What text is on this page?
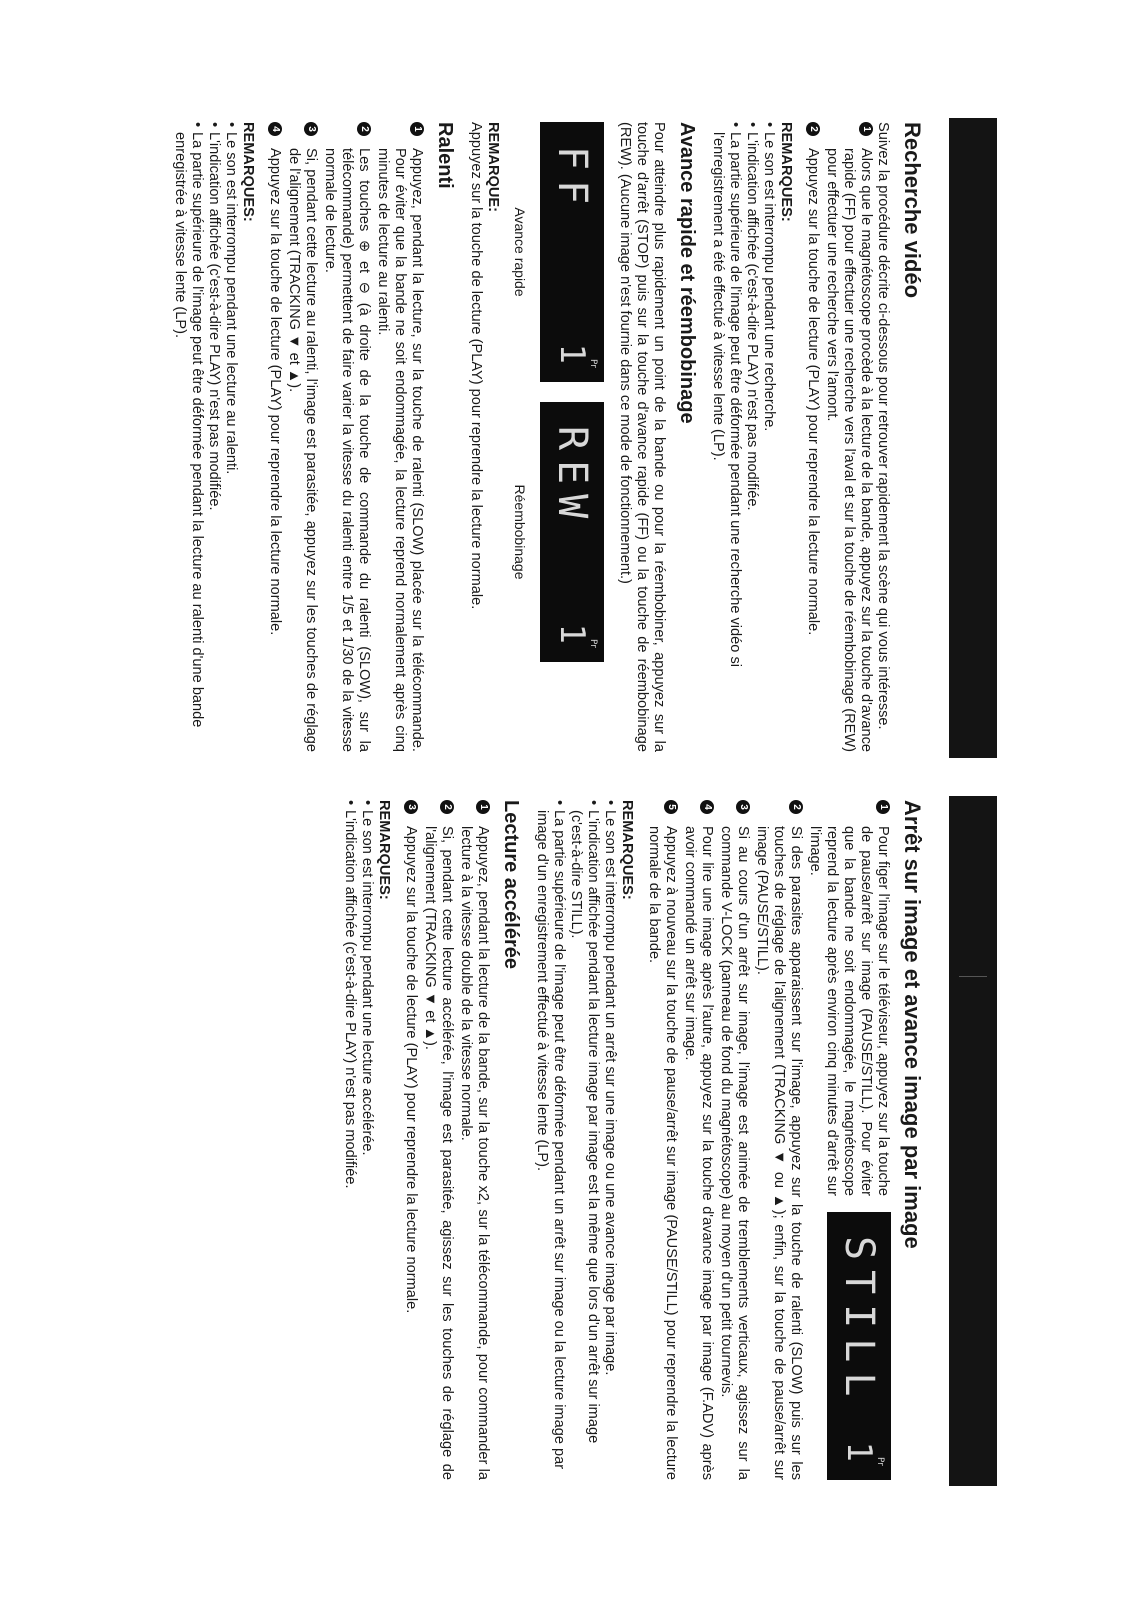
Recherche vidéo

Suivez la procédure décrite ci-dessous pour retrouver rapidement la scène qui vous intéresse.

1
Alors que le magnétoscope procède à la lecture de la bande, appuyez sur la touche d'avance rapide (FF) pour effectuer une recherche vers l'aval et sur la touche de réembobinage (REW) pour effectuer une recherche vers l'amont.
2
Appuyez sur la touche de lecture (PLAY) pour reprendre la lecture normale.
REMARQUES:
• Le son est interrompu pendant une recherche.
• L'indication affichée (c'est-à-dire PLAY) n'est pas modifiée.
• La partie supérieure de l'image peut être déformée pendant une recherche vidéo si l'enregistrement a été effectué à vitesse lente (LP).
Avance rapide et réembobinage

Pour atteindre plus rapidement un point de la bande ou pour la réembobiner, appuyez sur la touche d'arrêt (STOP) puis sur la touche d'avance rapide (FF) ou la touche de réembobinage (REW). (Aucune image n'est fournie dans ce mode de fonctionnement.)

FF
Pr
1
Avance rapide
REW
Pr
1
Réembobinage
REMARQUE:

Appuyez sur la touche de lecture (PLAY) pour reprendre la lecture normale.

Ralenti
1
Appuyez, pendant la lecture, sur la touche de ralenti (SLOW) placée sur la télécommande. Pour éviter que la bande ne soit endommagée, la lecture reprend normalement après cinq minutes de lecture au ralenti.
2
Les touches ⊕ et ⊖ (à droite de la touche de commande du ralenti (SLOW), sur la télécommande) permettent de faire varier la vitesse du ralenti entre 1/5 et 1/30 de la vitesse normale de lecture.
3
Si, pendant cette lecture au ralenti, l'image est parasitée, appuyez sur les touches de réglage de l'alignement (TRACKING ▼ et ▲).
4
Appuyez sur la touche de lecture (PLAY) pour reprendre la lecture normale.
REMARQUES:
• Le son est interrompu pendant une lecture au ralenti.
• L'indication affichée (c'est-à-dire PLAY) n'est pas modifiée.
• La partie supérieure de l'image peut être déformée pendant la lecture au ralenti d'une bande enregistrée à vitesse lente (LP).
Arrêt sur image et avance image par image
STILL
Pr
1
1
Pour figer l'image sur le téléviseur, appuyez sur la touche de pause/arrêt sur image (PAUSE/STILL). Pour éviter que la bande ne soit endommagée, le magnétoscope reprend la lecture après environ cinq minutes d'arrêt sur l'image.
2
Si des parasites apparaissent sur l'image, appuyez sur la touche de ralenti (SLOW) puis sur les touches de réglage de l'alignement (TRACKING ▼ ou ▲); enfin, sur la touche de pause/arrêt sur image (PAUSE/STILL).
3
Si au cours d'un arrêt sur image, l'image est animée de tremblements verticaux, agissez sur la commande V-LOCK (panneau de fond du magnétoscope) au moyen d'un petit tournevis.
4
Pour lire une image après l'autre, appuyez sur la touche d'avance image par image (F.ADV) après avoir commandé un arrêt sur image.
5
Appuyez à nouveau sur la touche de pause/arrêt sur image (PAUSE/STILL) pour reprendre la lecture normale de la bande.
REMARQUES:
• Le son est interrompu pendant un arrêt sur une image ou une avance image par image.
• L'indication affichée pendant la lecture image par image est la même que lors d'un arrêt sur image (c'est-à-dire STILL).
• La partie supérieure de l'image peut être déformée pendant un arrêt sur image ou la lecture image par image d'un enregistrement effectué à vitesse lente (LP).
Lecture accélérée
1
Appuyez, pendant la lecture de la bande, sur la touche x2, sur la télécommande, pour commander la lecture à la vitesse double de la vitesse normale.
2
Si, pendant cette lecture accélérée, l'image est parasitée, agissez sur les touches de réglage de l'alignement (TRACKING ▼ et ▲).
3
Appuyez sur la touche de lecture (PLAY) pour reprendre la lecture normale.
REMARQUES:
• Le son est interrompu pendant une lecture accélérée.
• L'indication affichée (c'est-à-dire PLAY) n'est pas modifiée.
